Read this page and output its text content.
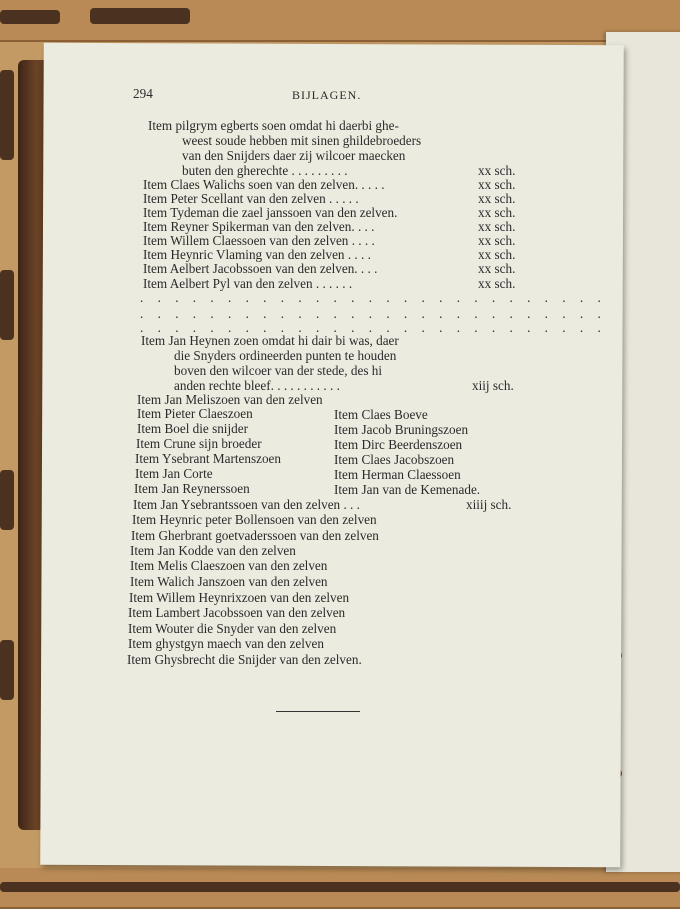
294	BIJLAGEN.
Item pilgrym egberts soen omdat hi daerbi ghe-
weest soude hebben mit sinen ghildebroeders
van den Snijders daer zij wilcoer maecken
buten den gherechte . . . . . . . . .	xx sch.
Item Claes Walichs soen van den zelven. . . . .	xx sch.
Item Peter Scellant van den zelven . . . . .	xx sch.
Item Tydeman die zael janssoen van den zelven.	xx sch.
Item Reyner Spikerman van den zelven. . . .	xx sch.
Item Willem Claessoen van den zelven . . . .	xx sch.
Item Heynric Vlaming van den zelven . . . .	xx sch.
Item Aelbert Jacobssoen van den zelven. . . .	xx sch.
Item Aelbert Pyl van den zelven . . . . . .	xx sch.
. . . . . . . . . . . . . . . . . . . . . . . . . . .
. . . . . . . . . . . . . . . . . . . . . . . . . . .
. . . . . . . . . . . . . . . . . . . . . . . . . . .
Item Jan Heynen zoen omdat hi dair bi was, daer
die Snyders ordineerden punten te houden
boven den wilcoer van der stede, des hi
anden rechte bleef. . . . . . . . . . .	xiij sch.
Item Jan Meliszoen van den zelven
Item Pieter Claeszoen	Item Claes Boeve
Item Boel die snijder	Item Jacob Bruningszoen
Item Crune sijn broeder	Item Dirc Beerdenszoen
Item Ysebrant Martenszoen	Item Claes Jacobszoen
Item Jan Corte	Item Herman Claessoen
Item Jan Reynerssoen	Item Jan van de Kemenade.
Item Jan Ysebrantssoen van den zelven . . .	xiiij sch.
Item Heynric peter Bollensoen van den zelven
Item Gherbrant goetvaderssoen van den zelven
Item Jan Kodde van den zelven
Item Melis Claeszoen van den zelven
Item Walich Janszoen van den zelven
Item Willem Heynrixzoen van den zelven
Item Lambert Jacobssoen van den zelven
Item Wouter die Snyder van den zelven
Item ghystgyn maech van den zelven
Item Ghysbrecht die Snijder van den zelven.
